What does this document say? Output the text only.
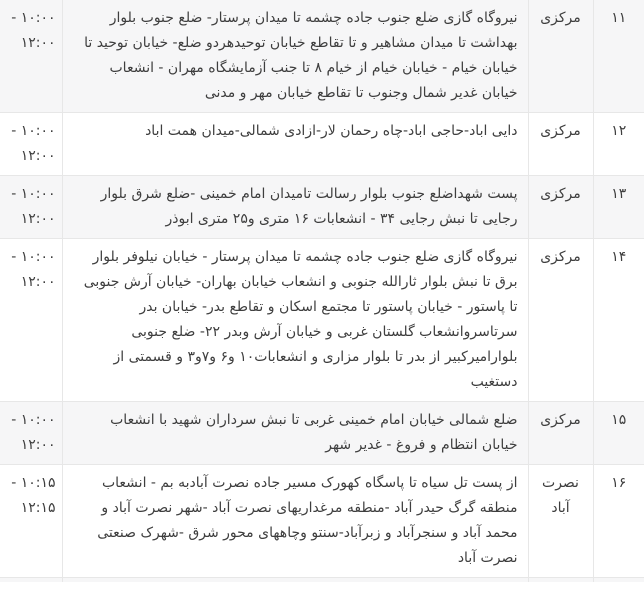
۱۱	مرکزی	نیروگاه گازی ضلع جنوب جاده چشمه تا میدان پرستار- ضلع جنوب بلوار بهداشت تا میدان مشاهیر و تا تقاطع خیابان توحیدهردو ضلع- خیابان توحید تا خیابان خیام - خیابان خیام از خیام ۸ تا جنب آزمایشگاه مهران - انشعاب خیابان غدیر شمال وجنوب تا تقاطع خیابان مهر و مدنی	۱۰:۰۰ - ۱۲:۰۰
۱۲	مرکزی	دایی اباد-حاجی اباد-چاه رحمان لار-ازادی شمالی-میدان همت اباد	۱۰:۰۰ - ۱۲:۰۰
۱۳	مرکزی	پست شهداضلع جنوب بلوار رسالت تامیدان امام خمینی -ضلع شرق بلوار رجایی تا نبش رجایی ۳۴ - انشعابات ۱۶ متری و۲۵ متری ابوذر	۱۰:۰۰ - ۱۲:۰۰
۱۴	مرکزی	نیروگاه گازی ضلع جنوب جاده چشمه تا میدان پرستار - خیابان نیلوفر بلوار برق تا نبش بلوار ثارالله جنوبی و انشعاب خیابان بهاران- خیابان آرش جنوبی تا پاستور - خیابان پاستور تا مجتمع اسکان و تقاطع بدر- خیابان بدر سرتاسروانشعاب گلستان غربی و خیابان آرش وبدر ۲۲- ضلع جنوبی بلوارامیرکبیر از بدر تا بلوار مزاری و انشعابات۱۰ و۶ و۷و۳ و قسمتی از دستغیب	۱۰:۰۰ - ۱۲:۰۰
۱۵	مرکزی	ضلع شمالی خیابان امام خمینی غربی تا نبش سرداران شهید با انشعاب خیابان انتظام و فروغ - غدیر شهر	۱۰:۰۰ - ۱۲:۰۰
۱۶	نصرت آباد	از پست تل سیاه تا پاسگاه کهورک مسیر جاده نصرت آبادبه بم - انشعاب منطقه گرگ حیدر آباد -منطقه مرغداریهای نصرت آباد -شهر نصرت آباد و محمد آباد و سنجرآباد و زبرآباد-سنتو وچاههای محور شرق -شهرک صنعتی نصرت آباد	۱۰:۱۵ - ۱۲:۱۵
